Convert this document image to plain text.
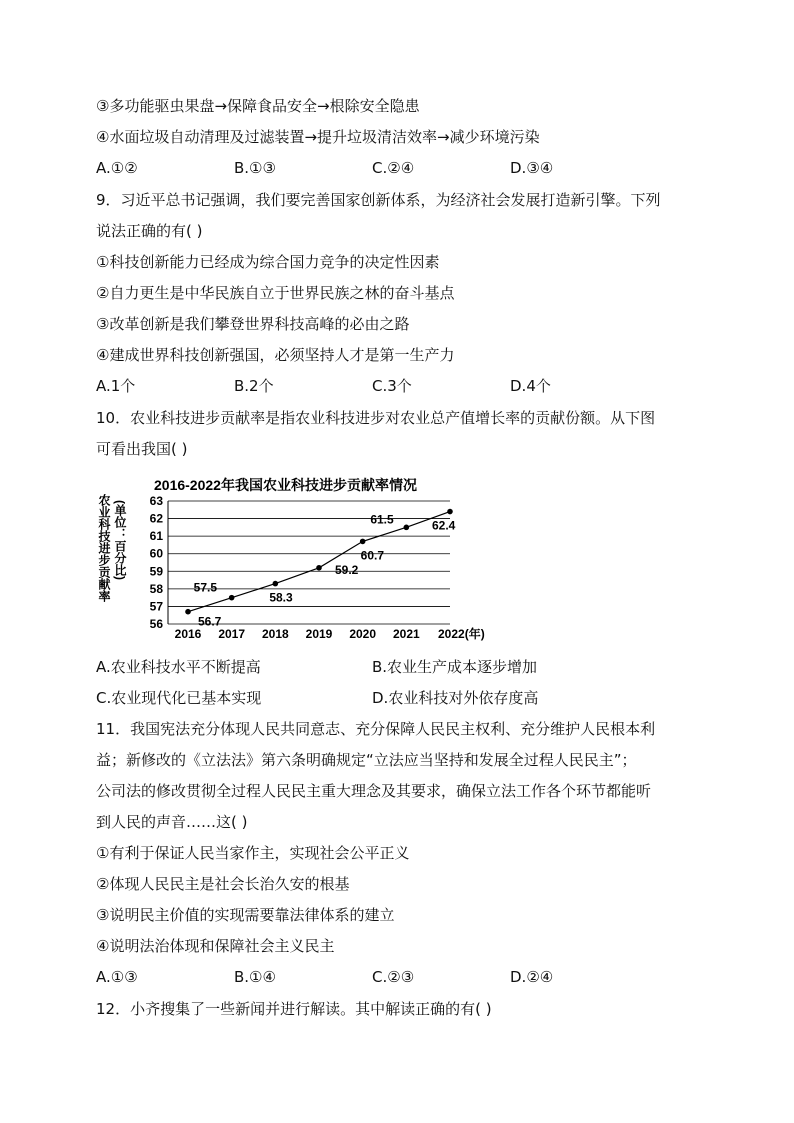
③多功能驱虫果盘→保障食品安全→根除安全隐患
④水面垃圾自动清理及过滤装置→提升垃圾清洁效率→减少环境污染
A.①②	B.①③	C.②④	D.③④
9．习近平总书记强调，我们要完善国家创新体系，为经济社会发展打造新引擎。下列
说法正确的有( )
①科技创新能力已经成为综合国力竞争的决定性因素
②自力更生是中华民族自立于世界民族之林的奋斗基点
③改革创新是我们攀登世界科技高峰的必由之路
④建成世界科技创新强国，必须坚持人才是第一生产力
A.1个	B.2个	C.3个	D.4个
10．农业科技进步贡献率是指农业科技进步对农业总产值增长率的贡献份额。从下图
可看出我国( )
2016-2022年我国农业科技进步贡献率情况
农业科技进步贡献率 (单位：百分比)
56
57
58
59
60
61
62
63
2016 2017 2018 2019 2020 2021 2022(年)
56.7
57.5
58.3
59.2
60.7
61.5	62.4
A.农业科技水平不断提高	B.农业生产成本逐步增加
C.农业现代化已基本实现	D.农业科技对外依存度高
11．我国宪法充分体现人民共同意志、充分保障人民民主权利、充分维护人民根本利
益；新修改的《立法法》第六条明确规定“立法应当坚持和发展全过程人民民主”；
公司法的修改贯彻全过程人民民主重大理念及其要求，确保立法工作各个环节都能听
到人民的声音……这( )
①有利于保证人民当家作主，实现社会公平正义
②体现人民民主是社会长治久安的根基
③说明民主价值的实现需要靠法律体系的建立
④说明法治体现和保障社会主义民主
A.①③	B.①④	C.②③	D.②④
12．小齐搜集了一些新闻并进行解读。其中解读正确的有( )
